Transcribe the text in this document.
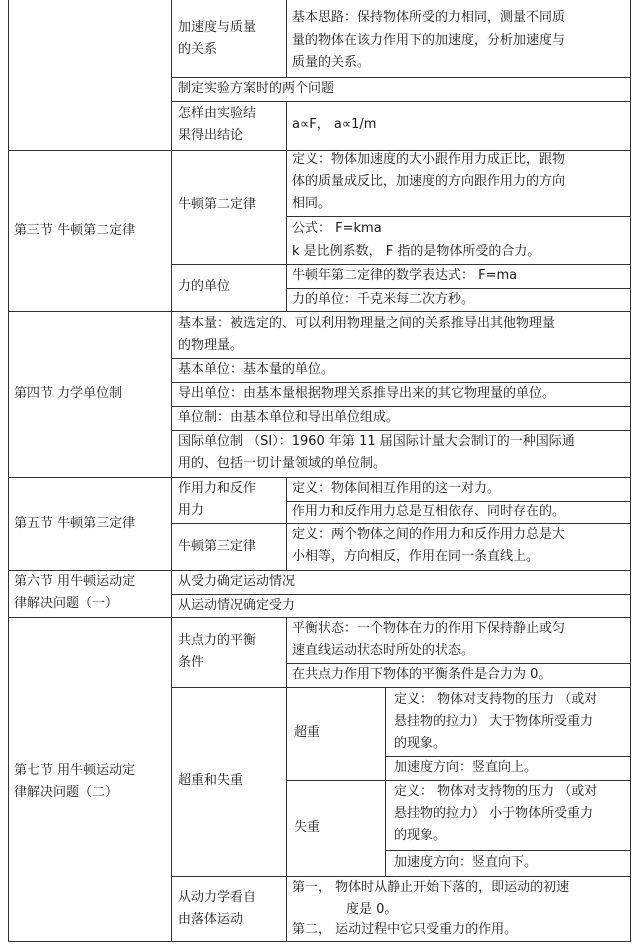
加速度与质量
的关系
基本思路：保持物体所受的力相同，测量不同质
量的物体在该力作用下的加速度，分析加速度与
质量的关系。
制定实验方案时的两个问题
怎样由实验结
果得出结论
a∝F， a∝1/m
第三节 牛顿第二定律
牛顿第二定律
定义：物体加速度的大小跟作用力成正比，跟物
体的质量成反比，加速度的方向跟作用力的方向
相同。
公式： F=kma
k 是比例系数， F 指的是物体所受的合力。
力的单位
牛顿年第二定律的数学表达式： F=ma
力的单位：千克米每二次方秒。
第四节 力学单位制
基本量：被选定的、可以利用物理量之间的关系推导出其他物理量
的物理量。
基本单位：基本量的单位。
导出单位：由基本量根据物理关系推导出来的其它物理量的单位。
单位制：由基本单位和导出单位组成。
国际单位制 （SI）：1960 年第 11 届国际计量大会制订的一种国际通
用的、包括一切计量领域的单位制。
第五节 牛顿第三定律
作用力和反作
用力
定义：物体间相互作用的这一对力。
作用力和反作用力总是互相依存、同时存在的。
牛顿第三定律
定义：两个物体之间的作用力和反作用力总是大
小相等，方向相反，作用在同一条直线上。
第六节 用牛顿运动定
律解决问题（一）
从受力确定运动情况
从运动情况确定受力
第七节 用牛顿运动定
律解决问题（二）
共点力的平衡
条件
平衡状态：一个物体在力的作用下保持静止或匀
速直线运动状态时所处的状态。
在共点力作用下物体的平衡条件是合力为 0。
超重和失重
超重
定义： 物体对支持物的压力 （或对
悬挂物的拉力） 大于物体所受重力
的现象。
加速度方向：竖直向上。
失重
定义： 物体对支持物的压力 （或对
悬挂物的拉力） 小于物体所受重力
的现象。
加速度方向：竖直向下。
从动力学看自
由落体运动
第一， 物体时从静止开始下落的，即运动的初速
度是 0。
第二， 运动过程中它只受重力的作用。
